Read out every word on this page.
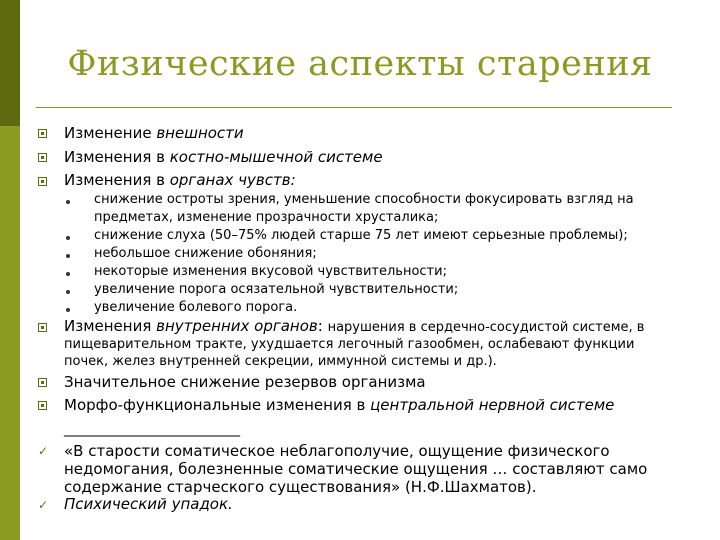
Физические аспекты старения
Изменение внешности
Изменения в костно-мышечной системе
Изменения в органах чувств:
снижение остроты зрения, уменьшение способности фокусировать взгляд на
предметах, изменение прозрачности хрусталика;
снижение слуха (50–75% людей старше 75 лет имеют серьезные проблемы);
небольшое снижение обоняния;
некоторые изменения вкусовой чувствительности;
увеличение порога осязательной чувствительности;
увеличение болевого порога.
Изменения внутренних органов: нарушения в сердечно-сосудистой системе, в
пищеварительном тракте, ухудшается легочный газообмен, ослабевают функции
почек, желез внутренней секреции, иммунной системы и др.).
Значительное снижение резервов организма
Морфо-функциональные изменения в центральной нервной системе
___________________________
✓ «В старости соматическое неблагополучие, ощущение физического
недомогания, болезненные соматические ощущения … составляют само
содержание старческого существования» (Н.Ф.Шахматов).
✓ Психический упадок.
